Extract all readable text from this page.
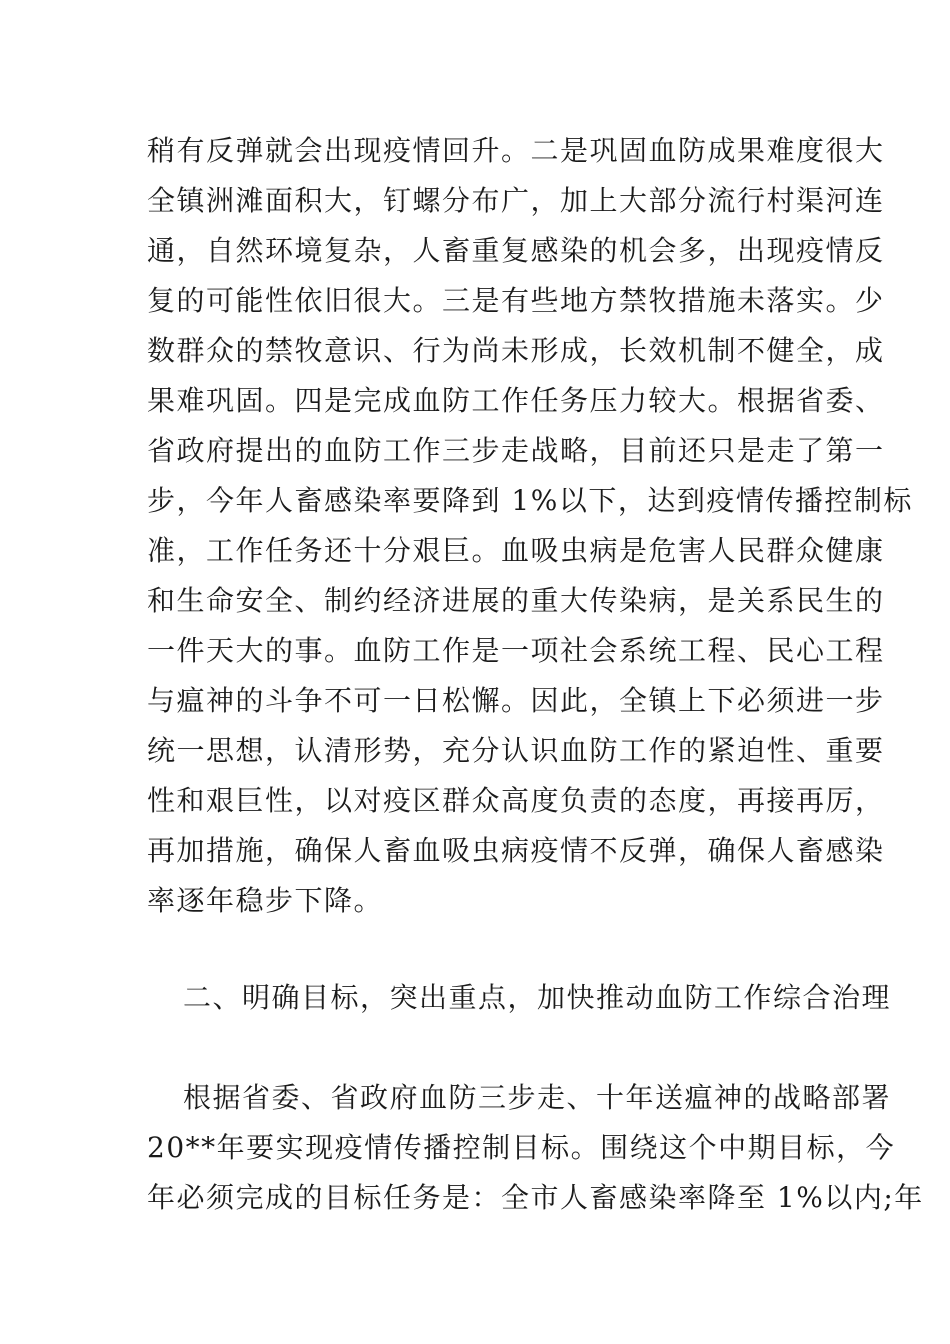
稍有反弹就会出现疫情回升。二是巩固血防成果难度很大
全镇洲滩面积大，钉螺分布广，加上大部分流行村渠河连
通，自然环境复杂，人畜重复感染的机会多，出现疫情反
复的可能性依旧很大。三是有些地方禁牧措施未落实。少
数群众的禁牧意识、行为尚未形成，长效机制不健全，成
果难巩固。四是完成血防工作任务压力较大。根据省委、
省政府提出的血防工作三步走战略，目前还只是走了第一
步，今年人畜感染率要降到 1%以下，达到疫情传播控制标
准，工作任务还十分艰巨。血吸虫病是危害人民群众健康
和生命安全、制约经济进展的重大传染病，是关系民生的
一件天大的事。血防工作是一项社会系统工程、民心工程
与瘟神的斗争不可一日松懈。因此，全镇上下必须进一步
统一思想，认清形势，充分认识血防工作的紧迫性、重要
性和艰巨性，以对疫区群众高度负责的态度，再接再厉，
再加措施，确保人畜血吸虫病疫情不反弹，确保人畜感染
率逐年稳步下降。
二、明确目标，突出重点，加快推动血防工作综合治理
根据省委、省政府血防三步走、十年送瘟神的战略部署
20**年要实现疫情传播控制目标。围绕这个中期目标，今
年必须完成的目标任务是：全市人畜感染率降至 1%以内;年
